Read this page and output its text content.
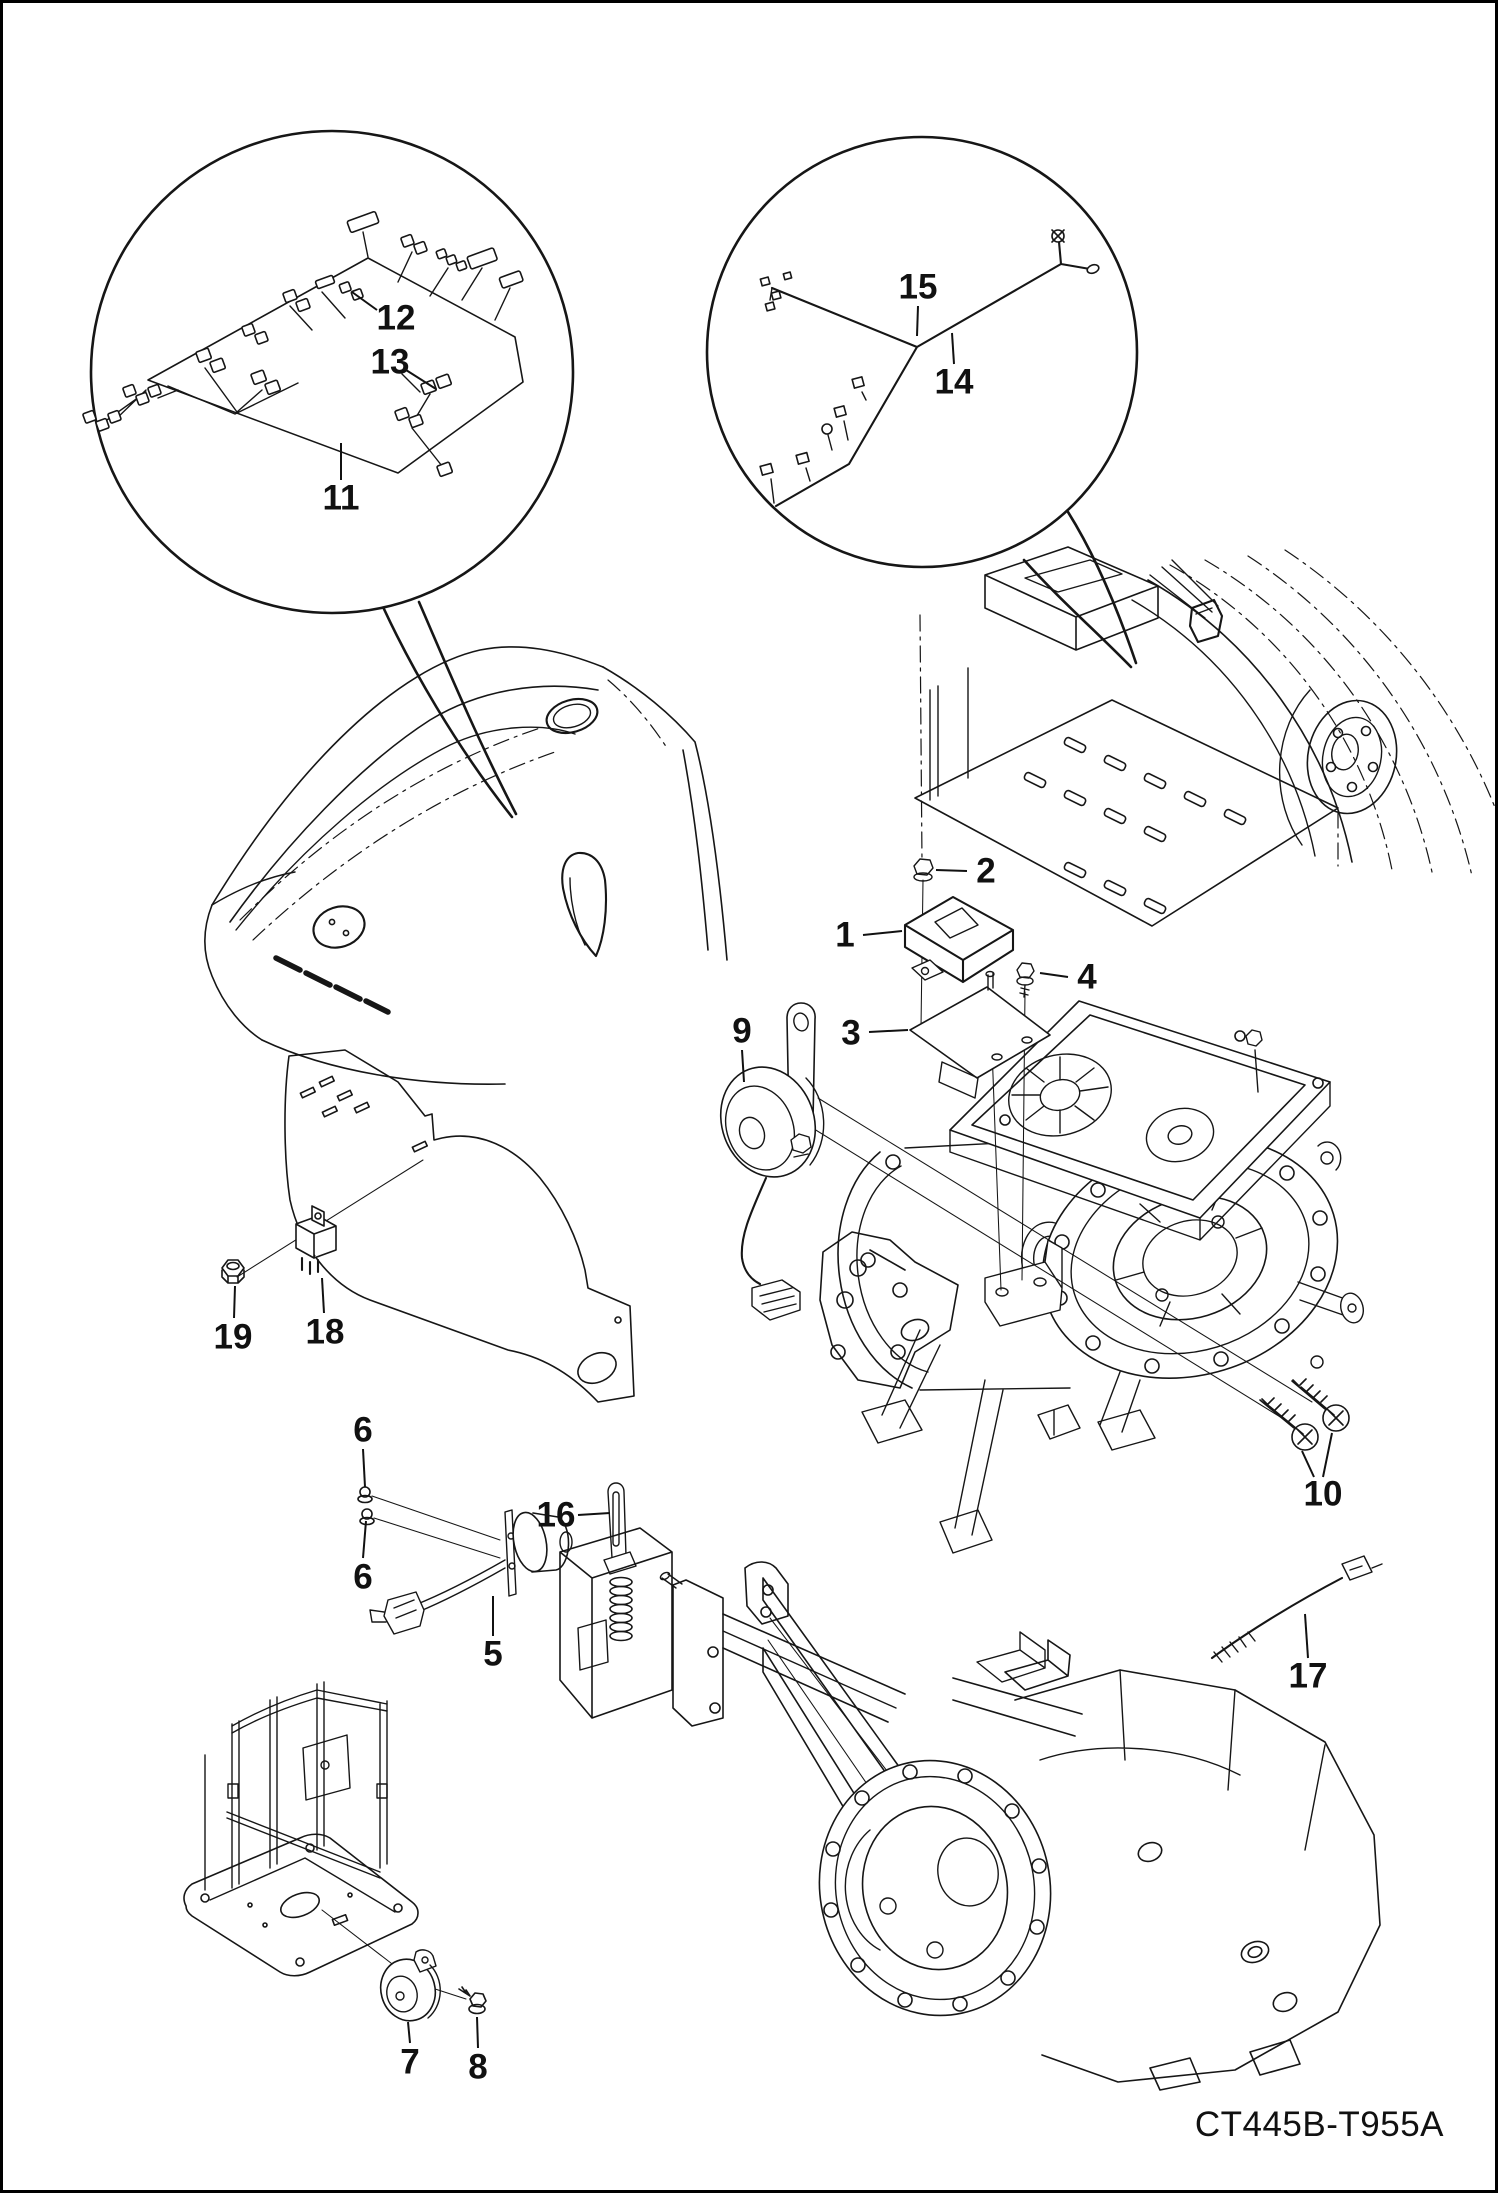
1
2
3
4
5
6
6
7 8
9
10
11
12
13
14
15
16
17
18
19
CT445B-T955A
